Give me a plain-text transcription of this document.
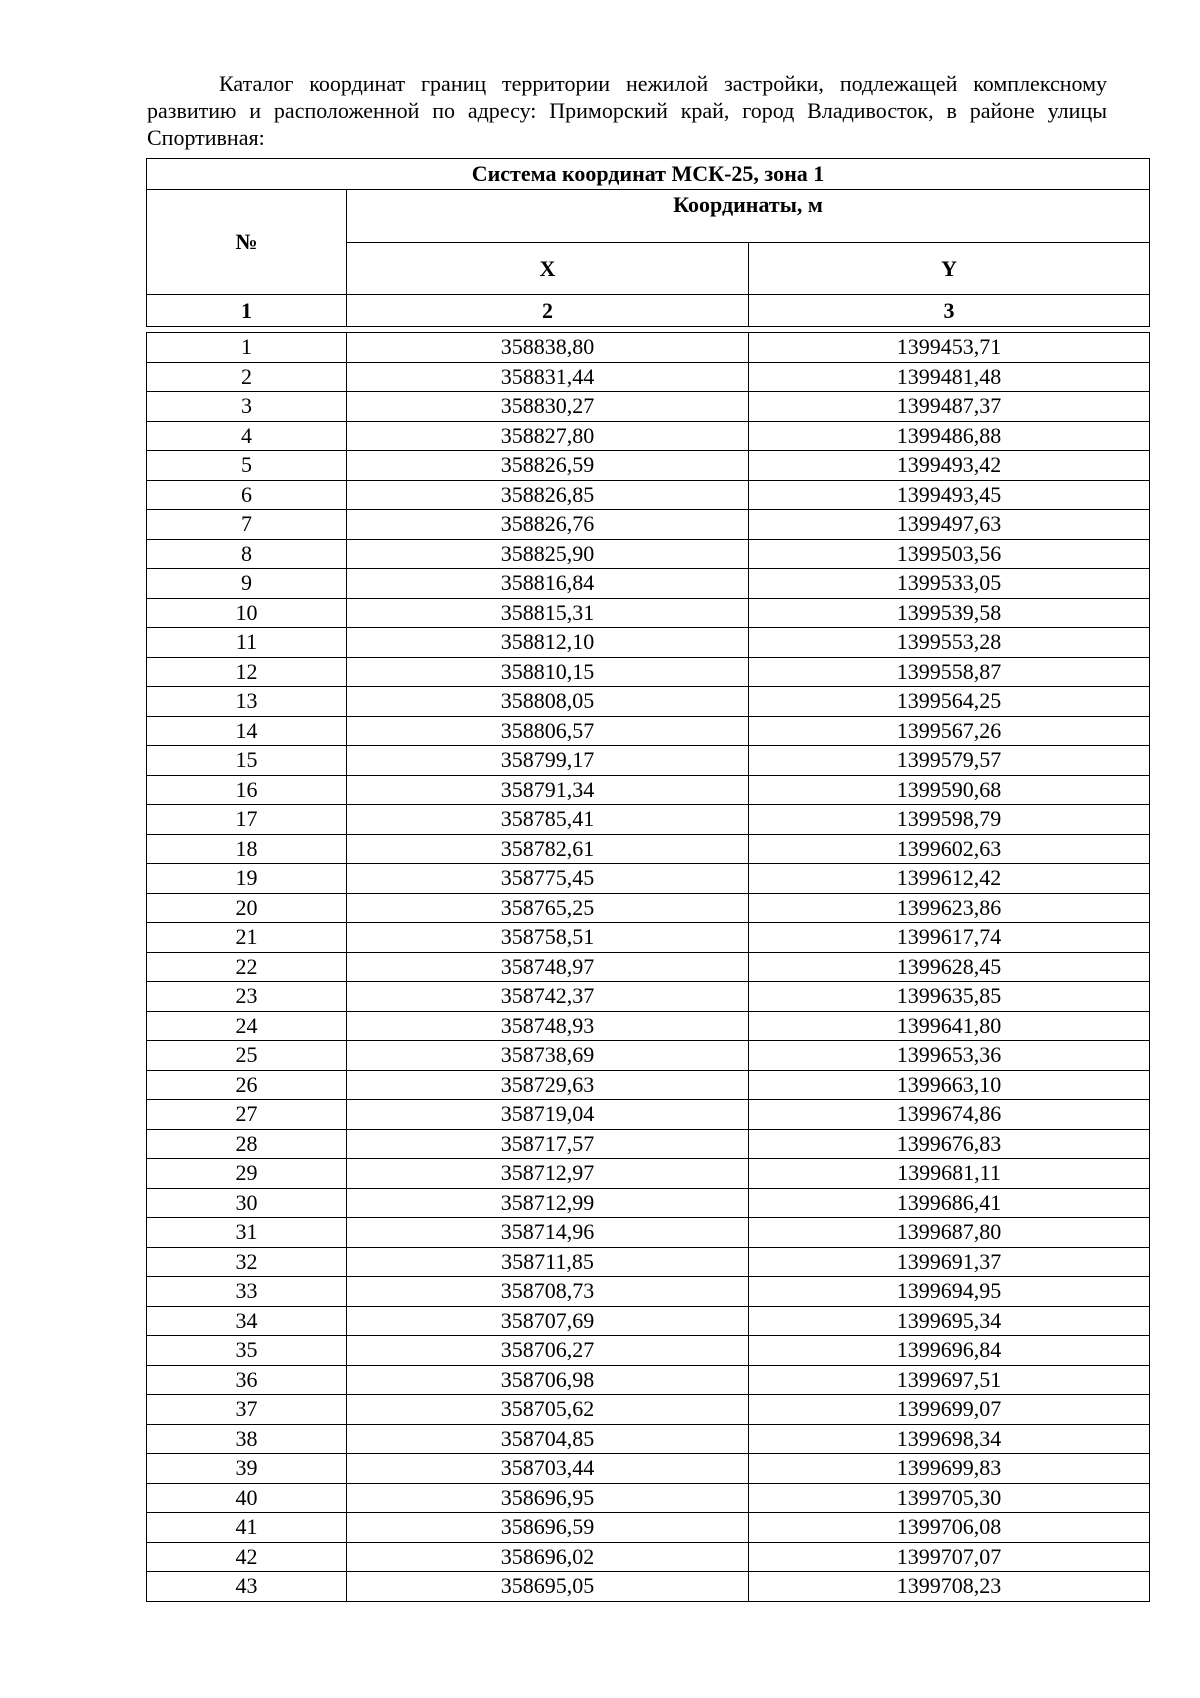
Каталог координат границ территории нежилой застройки, подлежащей комплексному развитию и расположенной по адресу: Приморский край, город Владивосток, в районе улицы Спортивная:

Система координат МСК-25, зона 1		
№	Координаты, м	
	X	Y
1	2	3
1	358838,80	1399453,71
2	358831,44	1399481,48
3	358830,27	1399487,37
4	358827,80	1399486,88
5	358826,59	1399493,42
6	358826,85	1399493,45
7	358826,76	1399497,63
8	358825,90	1399503,56
9	358816,84	1399533,05
10	358815,31	1399539,58
11	358812,10	1399553,28
12	358810,15	1399558,87
13	358808,05	1399564,25
14	358806,57	1399567,26
15	358799,17	1399579,57
16	358791,34	1399590,68
17	358785,41	1399598,79
18	358782,61	1399602,63
19	358775,45	1399612,42
20	358765,25	1399623,86
21	358758,51	1399617,74
22	358748,97	1399628,45
23	358742,37	1399635,85
24	358748,93	1399641,80
25	358738,69	1399653,36
26	358729,63	1399663,10
27	358719,04	1399674,86
28	358717,57	1399676,83
29	358712,97	1399681,11
30	358712,99	1399686,41
31	358714,96	1399687,80
32	358711,85	1399691,37
33	358708,73	1399694,95
34	358707,69	1399695,34
35	358706,27	1399696,84
36	358706,98	1399697,51
37	358705,62	1399699,07
38	358704,85	1399698,34
39	358703,44	1399699,83
40	358696,95	1399705,30
41	358696,59	1399706,08
42	358696,02	1399707,07
43	358695,05	1399708,23
